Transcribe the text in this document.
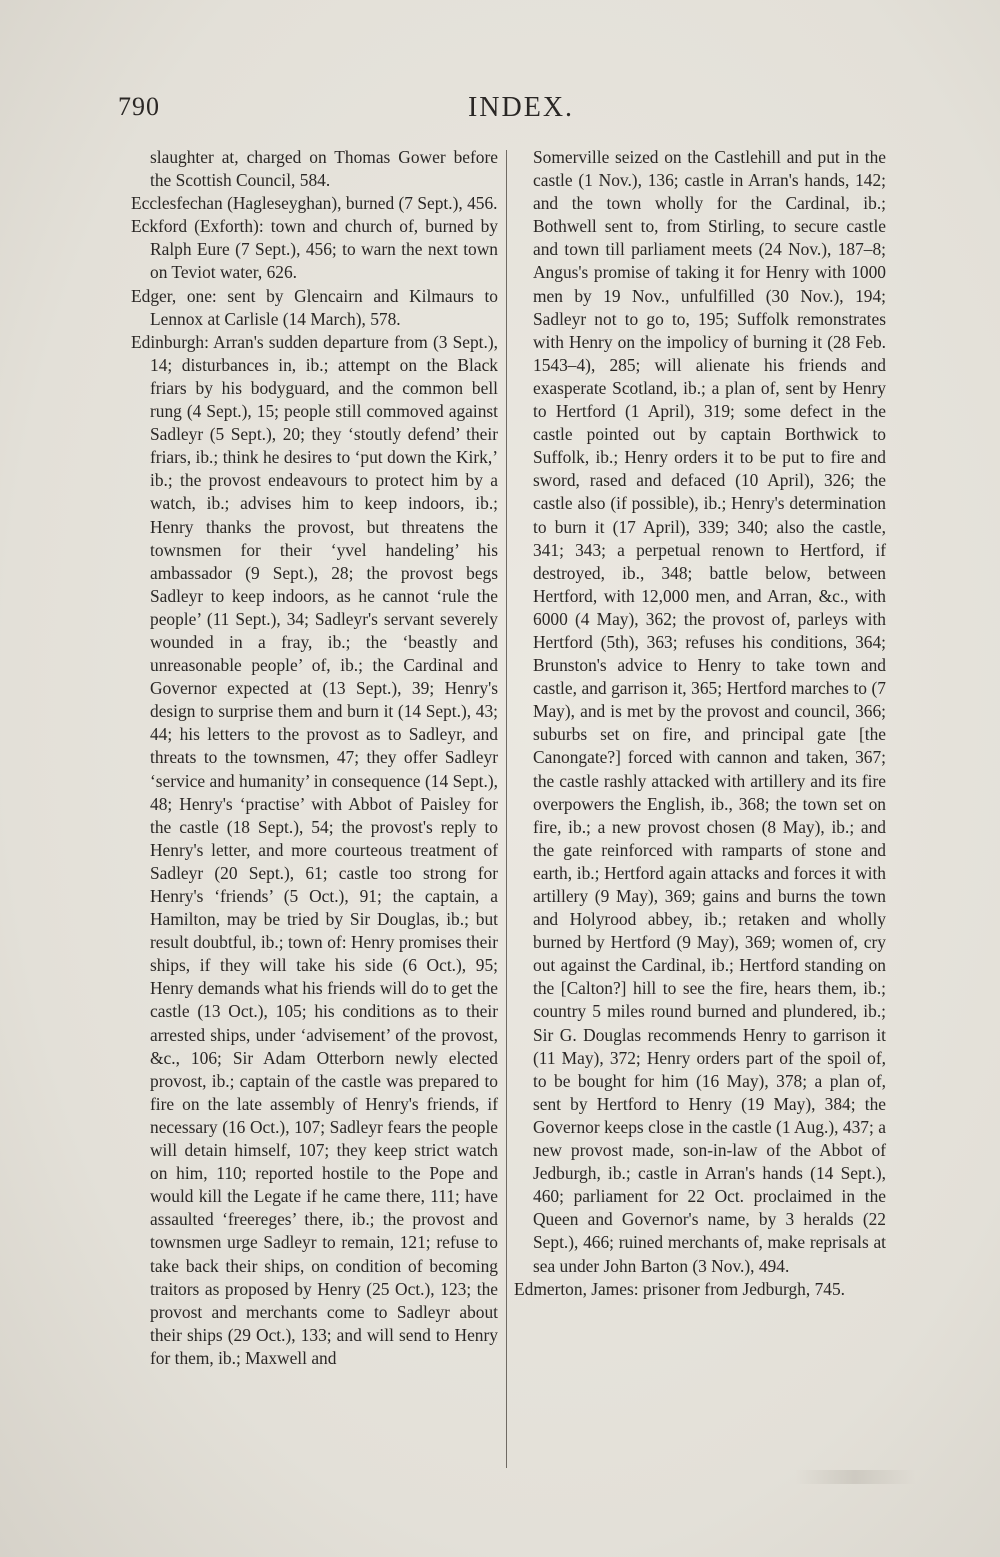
790	INDEX.

slaughter at, charged on Thomas Gower before the Scottish Council, 584.

Ecclesfechan (Hagleseyghan), burned (7 Sept.), 456.

Eckford (Exforth): town and church of, burned by Ralph Eure (7 Sept.), 456; to warn the next town on Teviot water, 626.

Edger, one: sent by Glencairn and Kilmaurs to Lennox at Carlisle (14 March), 578.

Edinburgh: Arran's sudden departure from (3 Sept.), 14; disturbances in, ib.; attempt on the Black friars by his bodyguard, and the common bell rung (4 Sept.), 15; people still commoved against Sadleyr (5 Sept.), 20; they ‘stoutly defend’ their friars, ib.; think he desires to ‘put down the Kirk,’ ib.; the provost endeavours to protect him by a watch, ib.; advises him to keep indoors, ib.; Henry thanks the provost, but threatens the townsmen for their ‘yvel handeling’ his ambassador (9 Sept.), 28; the provost begs Sadleyr to keep indoors, as he cannot ‘rule the people’ (11 Sept.), 34; Sadleyr's servant severely wounded in a fray, ib.; the ‘beastly and unreasonable people’ of, ib.; the Cardinal and Governor expected at (13 Sept.), 39; Henry's design to surprise them and burn it (14 Sept.), 43; 44; his letters to the provost as to Sadleyr, and threats to the townsmen, 47; they offer Sadleyr ‘service and humanity’ in consequence (14 Sept.), 48; Henry's ‘practise’ with Abbot of Paisley for the castle (18 Sept.), 54; the provost's reply to Henry's letter, and more courteous treatment of Sadleyr (20 Sept.), 61; castle too strong for Henry's ‘friends’ (5 Oct.), 91; the captain, a Hamilton, may be tried by Sir Douglas, ib.; but result doubtful, ib.; town of: Henry promises their ships, if they will take his side (6 Oct.), 95; Henry demands what his friends will do to get the castle (13 Oct.), 105; his conditions as to their arrested ships, under ‘advisement’ of the provost, &c., 106; Sir Adam Otterborn newly elected provost, ib.; captain of the castle was prepared to fire on the late assembly of Henry's friends, if necessary (16 Oct.), 107; Sadleyr fears the people will detain himself, 107; they keep strict watch on him, 110; reported hostile to the Pope and would kill the Legate if he came there, 111; have assaulted ‘freereges’ there, ib.; the provost and townsmen urge Sadleyr to remain, 121; refuse to take back their ships, on condition of becoming traitors as proposed by Henry (25 Oct.), 123; the provost and merchants come to Sadleyr about their ships (29 Oct.), 133; and will send to Henry for them, ib.; Maxwell and

Somerville seized on the Castlehill and put in the castle (1 Nov.), 136; castle in Arran's hands, 142; and the town wholly for the Cardinal, ib.; Bothwell sent to, from Stirling, to secure castle and town till parliament meets (24 Nov.), 187–8; Angus's promise of taking it for Henry with 1000 men by 19 Nov., unfulfilled (30 Nov.), 194; Sadleyr not to go to, 195; Suffolk remonstrates with Henry on the impolicy of burning it (28 Feb. 1543–4), 285; will alienate his friends and exasperate Scotland, ib.; a plan of, sent by Henry to Hertford (1 April), 319; some defect in the castle pointed out by captain Borthwick to Suffolk, ib.; Henry orders it to be put to fire and sword, rased and defaced (10 April), 326; the castle also (if possible), ib.; Henry's determination to burn it (17 April), 339; 340; also the castle, 341; 343; a perpetual renown to Hertford, if destroyed, ib., 348; battle below, between Hertford, with 12,000 men, and Arran, &c., with 6000 (4 May), 362; the provost of, parleys with Hertford (5th), 363; refuses his conditions, 364; Brunston's advice to Henry to take town and castle, and garrison it, 365; Hertford marches to (7 May), and is met by the provost and council, 366; suburbs set on fire, and principal gate [the Canongate?] forced with cannon and taken, 367; the castle rashly attacked with artillery and its fire overpowers the English, ib., 368; the town set on fire, ib.; a new provost chosen (8 May), ib.; and the gate reinforced with ramparts of stone and earth, ib.; Hertford again attacks and forces it with artillery (9 May), 369; gains and burns the town and Holyrood abbey, ib.; retaken and wholly burned by Hertford (9 May), 369; women of, cry out against the Cardinal, ib.; Hertford standing on the [Calton?] hill to see the fire, hears them, ib.; country 5 miles round burned and plundered, ib.; Sir G. Douglas recommends Henry to garrison it (11 May), 372; Henry orders part of the spoil of, to be bought for him (16 May), 378; a plan of, sent by Hertford to Henry (19 May), 384; the Governor keeps close in the castle (1 Aug.), 437; a new provost made, son-in-law of the Abbot of Jedburgh, ib.; castle in Arran's hands (14 Sept.), 460; parliament for 22 Oct. proclaimed in the Queen and Governor's name, by 3 heralds (22 Sept.), 466; ruined merchants of, make reprisals at sea under John Barton (3 Nov.), 494.

Edmerton, James: prisoner from Jedburgh, 745.
